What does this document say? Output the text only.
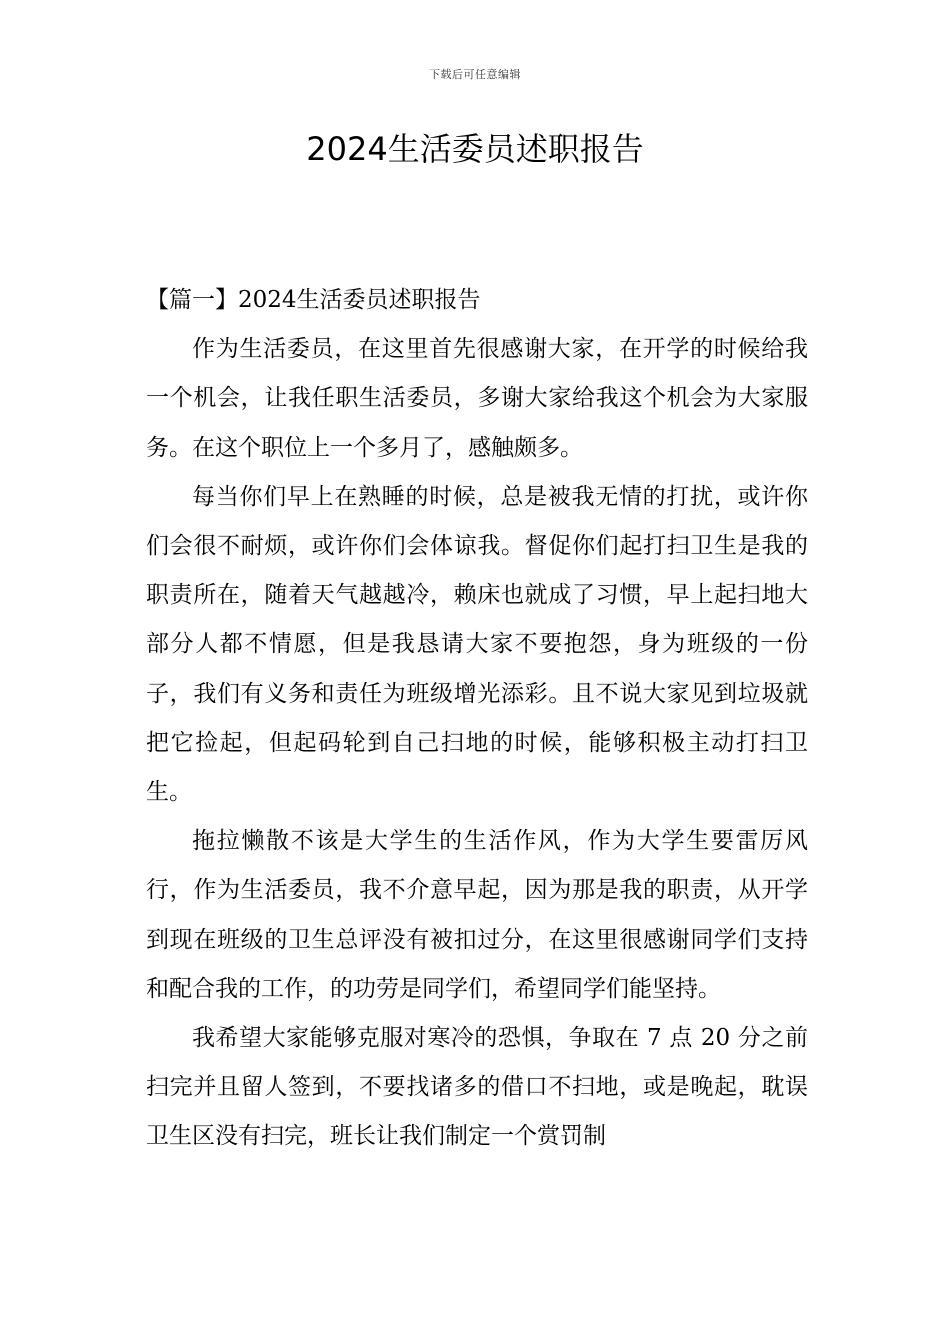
下载后可任意编辑
2024生活委员述职报告
【篇一】2024生活委员述职报告

作为生活委员，在这里首先很感谢大家，在开学的时候给我一个机会，让我任职生活委员，多谢大家给我这个机会为大家服务。在这个职位上一个多月了，感触颇多。

每当你们早上在熟睡的时候，总是被我无情的打扰，或许你们会很不耐烦，或许你们会体谅我。督促你们起打扫卫生是我的职责所在，随着天气越越冷，赖床也就成了习惯，早上起扫地大部分人都不情愿，但是我恳请大家不要抱怨，身为班级的一份子，我们有义务和责任为班级增光添彩。且不说大家见到垃圾就把它捡起，但起码轮到自己扫地的时候，能够积极主动打扫卫生。

拖拉懒散不该是大学生的生活作风，作为大学生要雷厉风行，作为生活委员，我不介意早起，因为那是我的职责，从开学到现在班级的卫生总评没有被扣过分，在这里很感谢同学们支持和配合我的工作，的功劳是同学们，希望同学们能坚持。

我希望大家能够克服对寒冷的恐惧，争取在 7 点 20 分之前扫完并且留人签到，不要找诸多的借口不扫地，或是晚起，耽误卫生区没有扫完，班长让我们制定一个赏罚制
